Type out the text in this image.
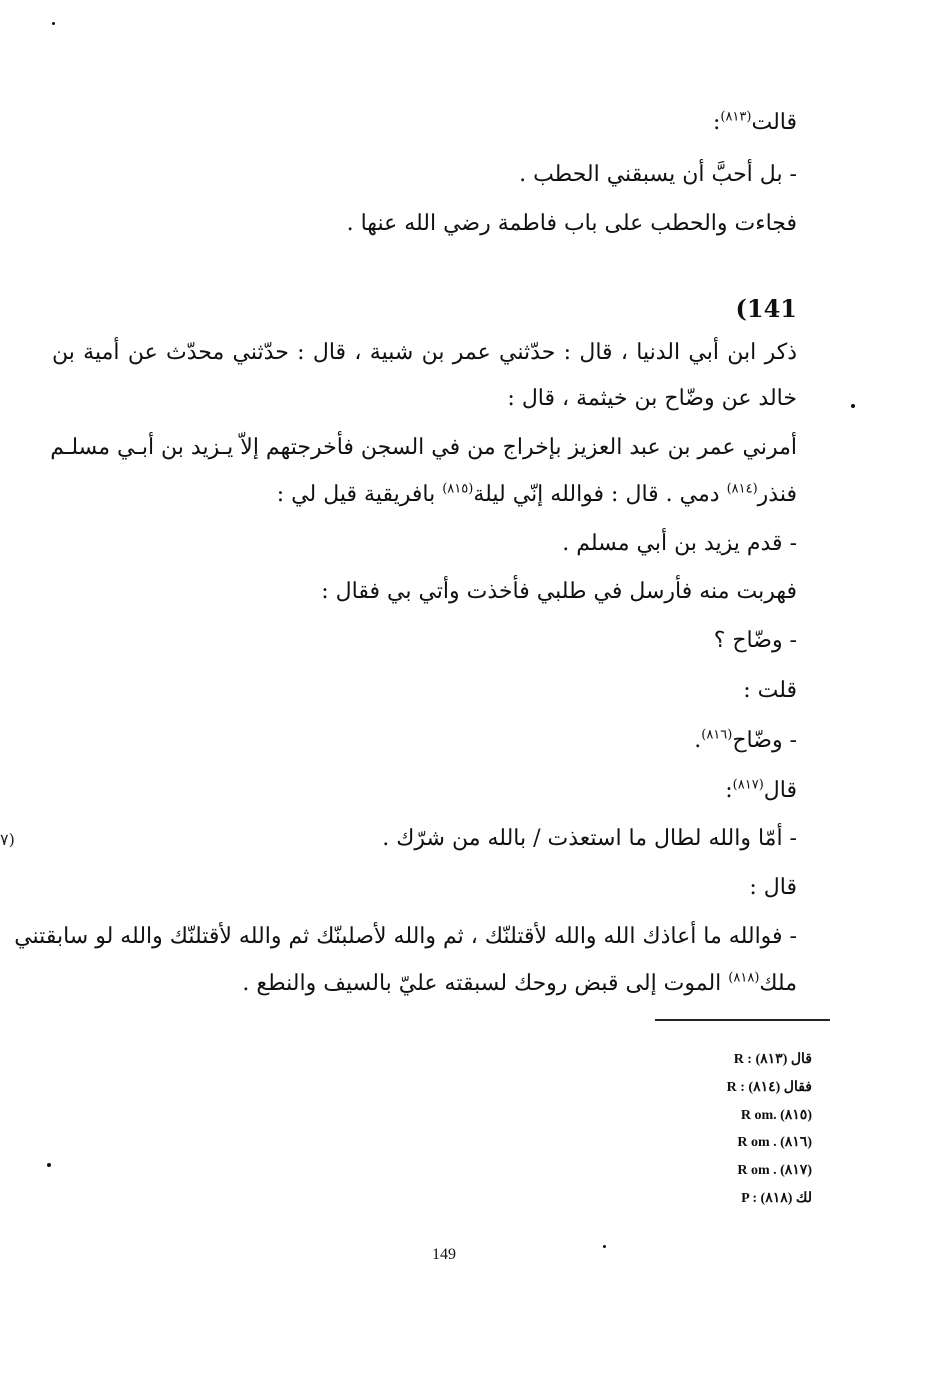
قالت$^{(٨١٣)}$:
- بل أحبَّ أن يسبقني الحطب .
فجاءت والحطب على باب فاطمة رضي الله عنها .
(141
ذكر ابن أبي الدنيا ، قال : حدّثني عمر بن شبية ، قال : حدّثني محدّث عن أمية بن
خالد عن وضّاح بن خيثمة ، قال :
أمرني عمر بن عبد العزيز بإخراج من في السجن فأخرجتهم إلاّ يـزيد بن أبـي مسلـم
فنذر$^{(٨١٤)}$ دمي . قال : فوالله إنّي ليلة$^{(٨١٥)}$ بافريقية قيل لي :
- قدم يزيد بن أبي مسلم .
فهربت منه فأرسل في طلبي فأخذت وأتي بي فقال :
- وضّاح ؟
قلت :
- وضّاح$^{(٨١٦)}$.
قال$^{(٨١٧)}$:
- أمّا والله لطال ما استعذت / بالله من شرّك .
قال :
- فوالله ما أعاذك الله والله لأقتلنّك ، ثم والله لأصلبنّك ثم والله لأقتلنّك والله لو سابقتني
ملك$^{(٨١٨)}$ الموت إلى قبض روحك لسبقته عليّ بالسيف والنطع .
٧)
R : قال (٨١٣)
R : فقال (٨١٤)
R om. (٨١٥)
R om . (٨١٦)
R om . (٨١٧)
P : لك (٨١٨)
149
